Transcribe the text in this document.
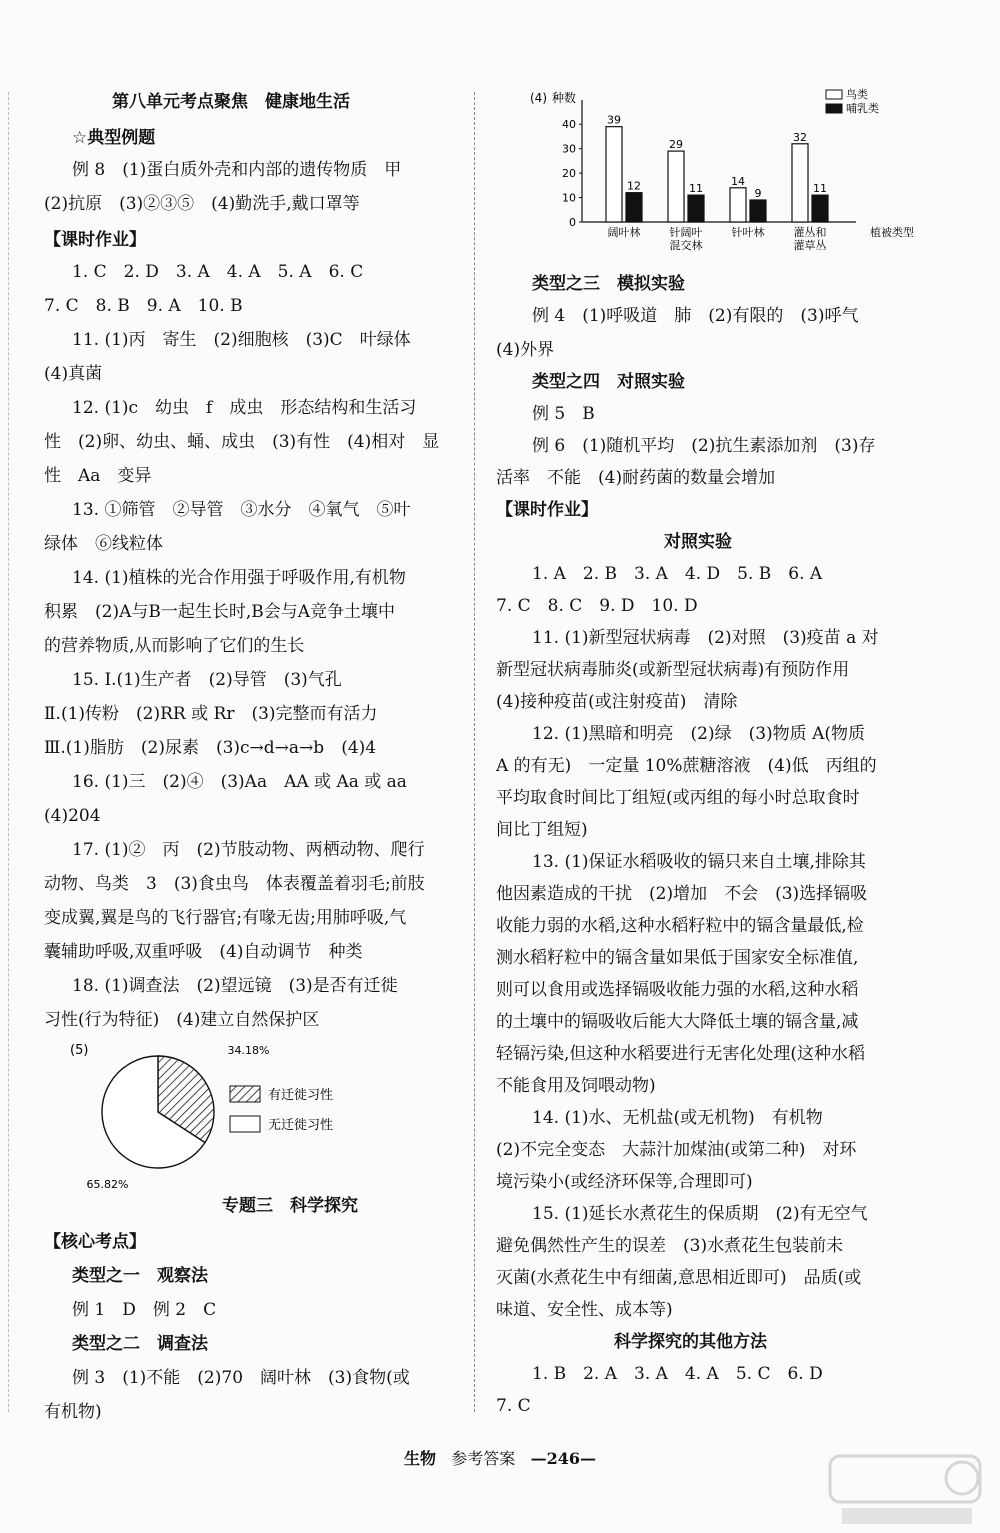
第八单元考点聚焦　健康地生活
☆典型例题
例 8　(1)蛋白质外壳和内部的遗传物质　甲
(2)抗原　(3)②③⑤　(4)勤洗手,戴口罩等
【课时作业】
1. C　2. D　3. A　4. A　5. A　6. C
7. C　8. B　9. A　10. B
11. (1)丙　寄生　(2)细胞核　(3)C　叶绿体
(4)真菌
12. (1)c　幼虫　f　成虫　形态结构和生活习
性　(2)卵、幼虫、蛹、成虫　(3)有性　(4)相对　显
性　Aa　变异
13. ①筛管　②导管　③水分　④氧气　⑤叶
绿体　⑥线粒体
14. (1)植株的光合作用强于呼吸作用,有机物
积累　(2)A与B一起生长时,B会与A竞争土壤中
的营养物质,从而影响了它们的生长
15. Ⅰ.(1)生产者　(2)导管　(3)气孔
Ⅱ.(1)传粉　(2)RR 或 Rr　(3)完整而有活力
Ⅲ.(1)脂肪　(2)尿素　(3)c→d→a→b　(4)4
16. (1)三　(2)④　(3)Aa　AA 或 Aa 或 aa
(4)204
17. (1)②　丙　(2)节肢动物、两栖动物、爬行
动物、鸟类　3　(3)食虫鸟　体表覆盖着羽毛;前肢
变成翼,翼是鸟的飞行器官;有喙无齿;用肺呼吸,气
囊辅助呼吸,双重呼吸　(4)自动调节　种类
18. (1)调查法　(2)望远镜　(3)是否有迁徙
习性(行为特征)　(4)建立自然保护区
专题三　科学探究
【核心考点】
类型之一　观察法
例 1　D　例 2　C
类型之二　调查法
例 3　(1)不能　(2)70　阔叶林　(3)食物(或
有机物)
类型之三　模拟实验
例 4　(1)呼吸道　肺　(2)有限的　(3)呼气
(4)外界
类型之四　对照实验
例 5　B
例 6　(1)随机平均　(2)抗生素添加剂　(3)存
活率　不能　(4)耐药菌的数量会增加
【课时作业】
对照实验
1. A　2. B　3. A　4. D　5. B　6. A
7. C　8. C　9. D　10. D
11. (1)新型冠状病毒　(2)对照　(3)疫苗 a 对
新型冠状病毒肺炎(或新型冠状病毒)有预防作用
(4)接种疫苗(或注射疫苗)　清除
12. (1)黑暗和明亮　(2)绿　(3)物质 A(物质
A 的有无)　一定量 10%蔗糖溶液　(4)低　丙组的
平均取食时间比丁组短(或丙组的每小时总取食时
间比丁组短)
13. (1)保证水稻吸收的镉只来自土壤,排除其
他因素造成的干扰　(2)增加　不会　(3)选择镉吸
收能力弱的水稻,这种水稻籽粒中的镉含量最低,检
测水稻籽粒中的镉含量如果低于国家安全标准值,
则可以食用或选择镉吸收能力强的水稻,这种水稻
的土壤中的镉吸收后能大大降低土壤的镉含量,减
轻镉污染,但这种水稻要进行无害化处理(这种水稻
不能食用及饲喂动物)
14. (1)水、无机盐(或无机物)　有机物
(2)不完全变态　大蒜汁加煤油(或第二种)　对环
境污染小(或经济环保等,合理即可)
15. (1)延长水煮花生的保质期　(2)有无空气
避免偶然性产生的误差　(3)水煮花生包装前未
灭菌(水煮花生中有细菌,意思相近即可)　品质(或
味道、安全性、成本等)
科学探究的其他方法
1. B　2. A　3. A　4. A　5. C　6. D
7. C
(4) 种数
0
10
20
30
40	39
12
阔叶林
29
11
针阔叶
混交林
14
9
针叶林
32
11
灌丛和
灌草丛
植被类型
鸟类
哺乳类
(5)	34.18%
有迁徙习性
65.82%
无迁徙习性
生物 参考答案 —246—
